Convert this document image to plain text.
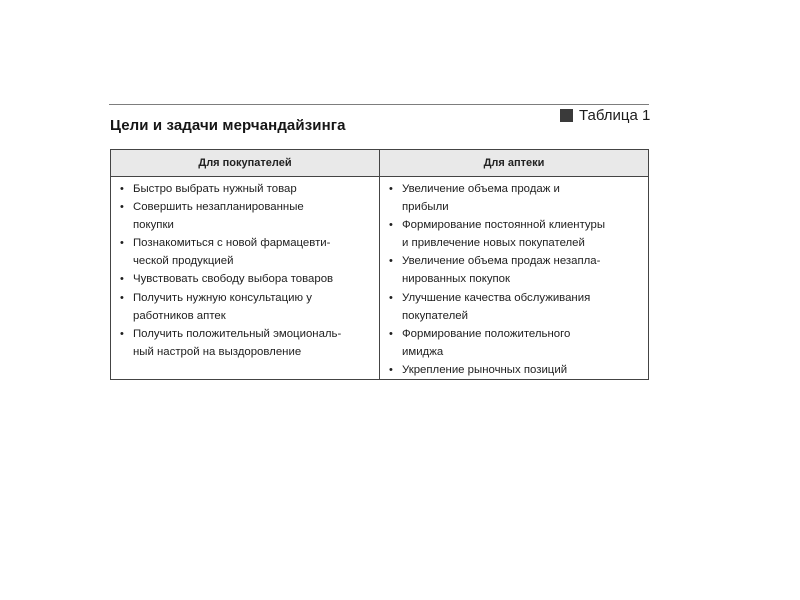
Цели и задачи мерчандайзинга
Таблица 1
Для покупателей	Для аптеки
• Быстро выбрать нужный товар
• Совершить незапланированные
покупки
• Познакомиться с новой фармацевти-
ческой продукцией
• Чувствовать свободу выбора товаров
• Получить нужную консультацию у
работников аптек
• Получить положительный эмоциональ-
ный настрой на выздоровление
• Увеличение объема продаж и
прибыли
• Формирование постоянной клиентуры
и привлечение новых покупателей
• Увеличение объема продаж незапла-
нированных покупок
• Улучшение качества обслуживания
покупателей
• Формирование положительного
имиджа
• Укрепление рыночных позиций
